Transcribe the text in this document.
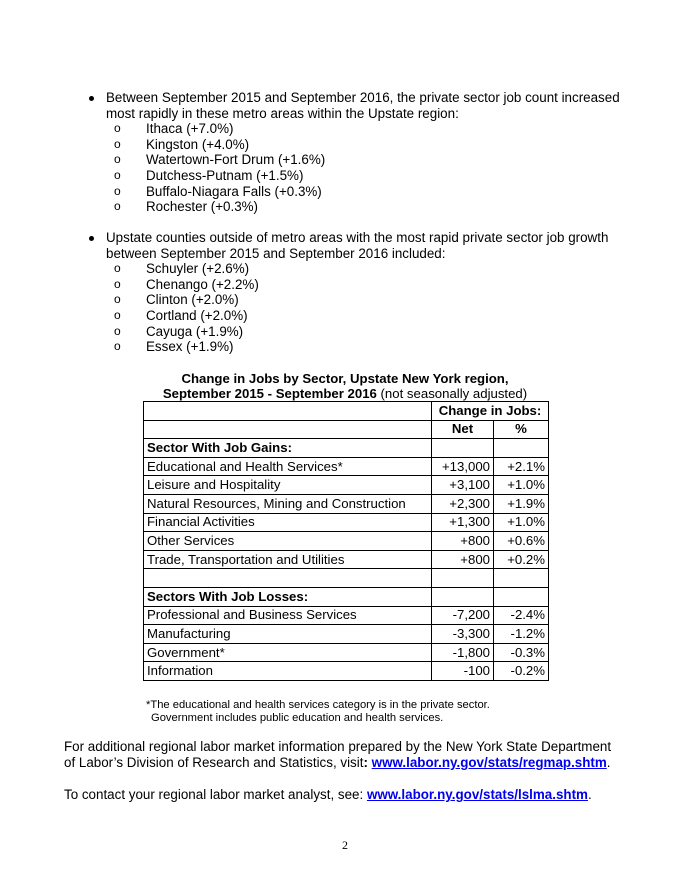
Between September 2015 and September 2016, the private sector job count increased
most rapidly in these metro areas within the Upstate region:
o Ithaca (+7.0%)
o Kingston (+4.0%)
o Watertown-Fort Drum (+1.6%)
o Dutchess-Putnam (+1.5%)
o Buffalo-Niagara Falls (+0.3%)
o Rochester (+0.3%)
Upstate counties outside of metro areas with the most rapid private sector job growth
between September 2015 and September 2016 included:
o Schuyler (+2.6%)
o Chenango (+2.2%)
o Clinton (+2.0%)
o Cortland (+2.0%)
o Cayuga (+1.9%)
o Essex (+1.9%)
Change in Jobs by Sector, Upstate New York region,
September 2015 - September 2016 (not seasonally adjusted)
	Change in Jobs:	
	Net	%
Sector With Job Gains:		
Educational and Health Services*	+13,000	+2.1%
Leisure and Hospitality	+3,100	+1.0%
Natural Resources, Mining and Construction	+2,300	+1.9%
Financial Activities	+1,300	+1.0%
Other Services	+800	+0.6%
Trade, Transportation and Utilities	+800	+0.2%

Sectors With Job Losses:		
Professional and Business Services	-7,200	-2.4%
Manufacturing	-3,300	-1.2%
Government*	-1,800	-0.3%
Information	-100	-0.2%
*The educational and health services category is in the private sector.
Government includes public education and health services.
For additional regional labor market information prepared by the New York State Department
of Labor’s Division of Research and Statistics, visit: www.labor.ny.gov/stats/regmap.shtm.
To contact your regional labor market analyst, see: www.labor.ny.gov/stats/lslma.shtm.
2
